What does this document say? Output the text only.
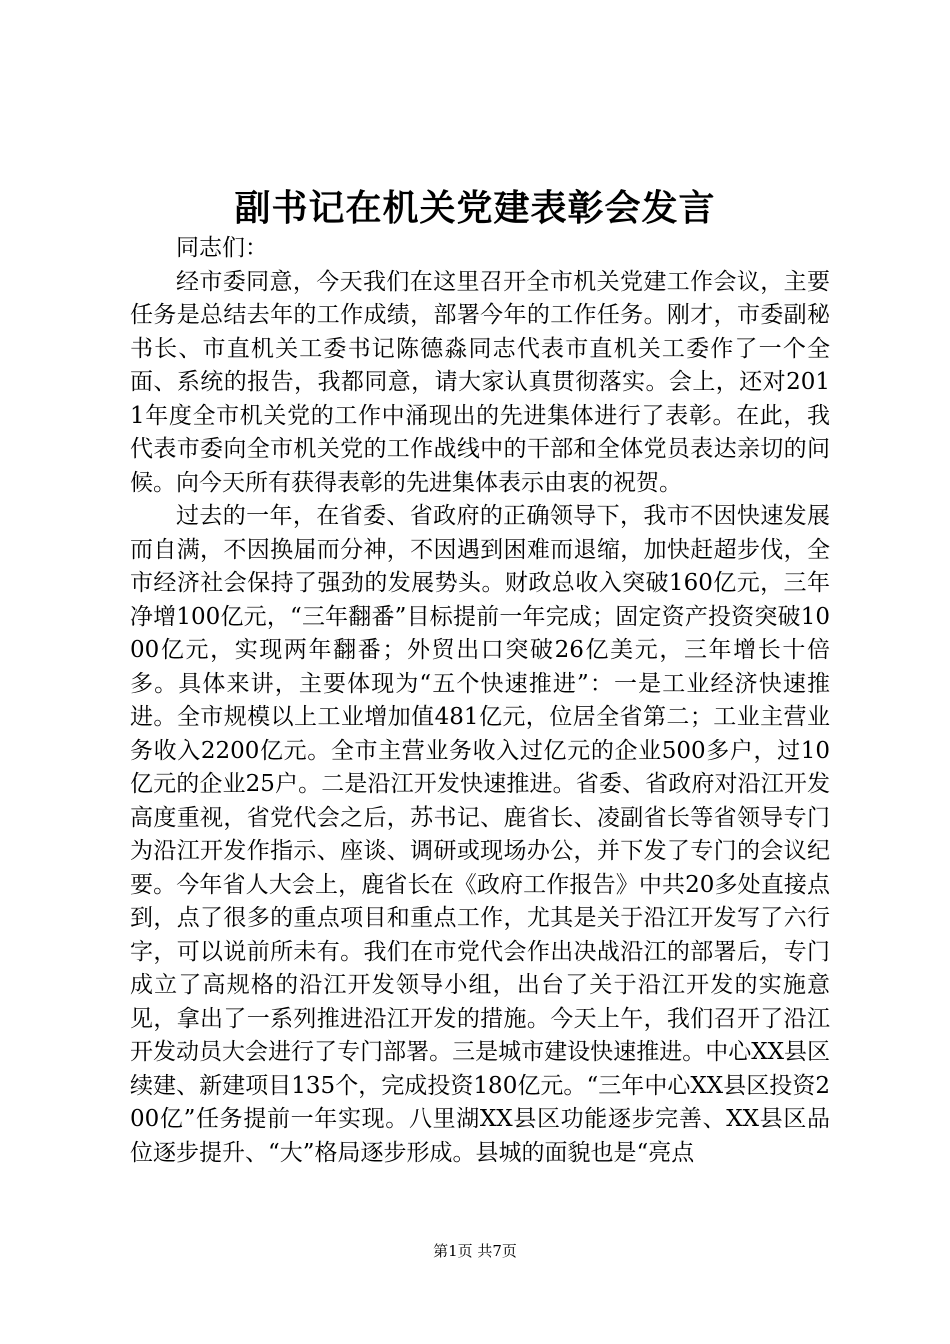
副书记在机关党建表彰会发言

同志们：

经市委同意，今天我们在这里召开全市机关党建工作会议，主要任务是总结去年的工作成绩，部署今年的工作任务。刚才，市委副秘书长、市直机关工委书记陈德淼同志代表市直机关工委作了一个全面、系统的报告，我都同意，请大家认真贯彻落实。会上，还对2011年度全市机关党的工作中涌现出的先进集体进行了表彰。在此，我代表市委向全市机关党的工作战线中的干部和全体党员表达亲切的问候。向今天所有获得表彰的先进集体表示由衷的祝贺。

过去的一年，在省委、省政府的正确领导下，我市不因快速发展而自满，不因换届而分神，不因遇到困难而退缩，加快赶超步伐，全市经济社会保持了强劲的发展势头。财政总收入突破160亿元，三年净增100亿元，“三年翻番”目标提前一年完成；固定资产投资突破1000亿元，实现两年翻番；外贸出口突破26亿美元，三年增长十倍多。具体来讲，主要体现为“五个快速推进”：一是工业经济快速推进。全市规模以上工业增加值481亿元，位居全省第二；工业主营业务收入2200亿元。全市主营业务收入过亿元的企业500多户，过10亿元的企业25户。二是沿江开发快速推进。省委、省政府对沿江开发高度重视，省党代会之后，苏书记、鹿省长、凌副省长等省领导专门为沿江开发作指示、座谈、调研或现场办公，并下发了专门的会议纪要。今年省人大会上，鹿省长在《政府工作报告》中共20多处直接点到，点了很多的重点项目和重点工作，尤其是关于沿江开发写了六行字，可以说前所未有。我们在市党代会作出决战沿江的部署后，专门成立了高规格的沿江开发领导小组，出台了关于沿江开发的实施意见，拿出了一系列推进沿江开发的措施。今天上午，我们召开了沿江开发动员大会进行了专门部署。三是城市建设快速推进。中心XX县区续建、新建项目135个，完成投资180亿元。“三年中心XX县区投资200亿”任务提前一年实现。八里湖XX县区功能逐步完善、XX县区品位逐步提升、“大”格局逐步形成。县城的面貌也是“亮点

第1页 共7页
